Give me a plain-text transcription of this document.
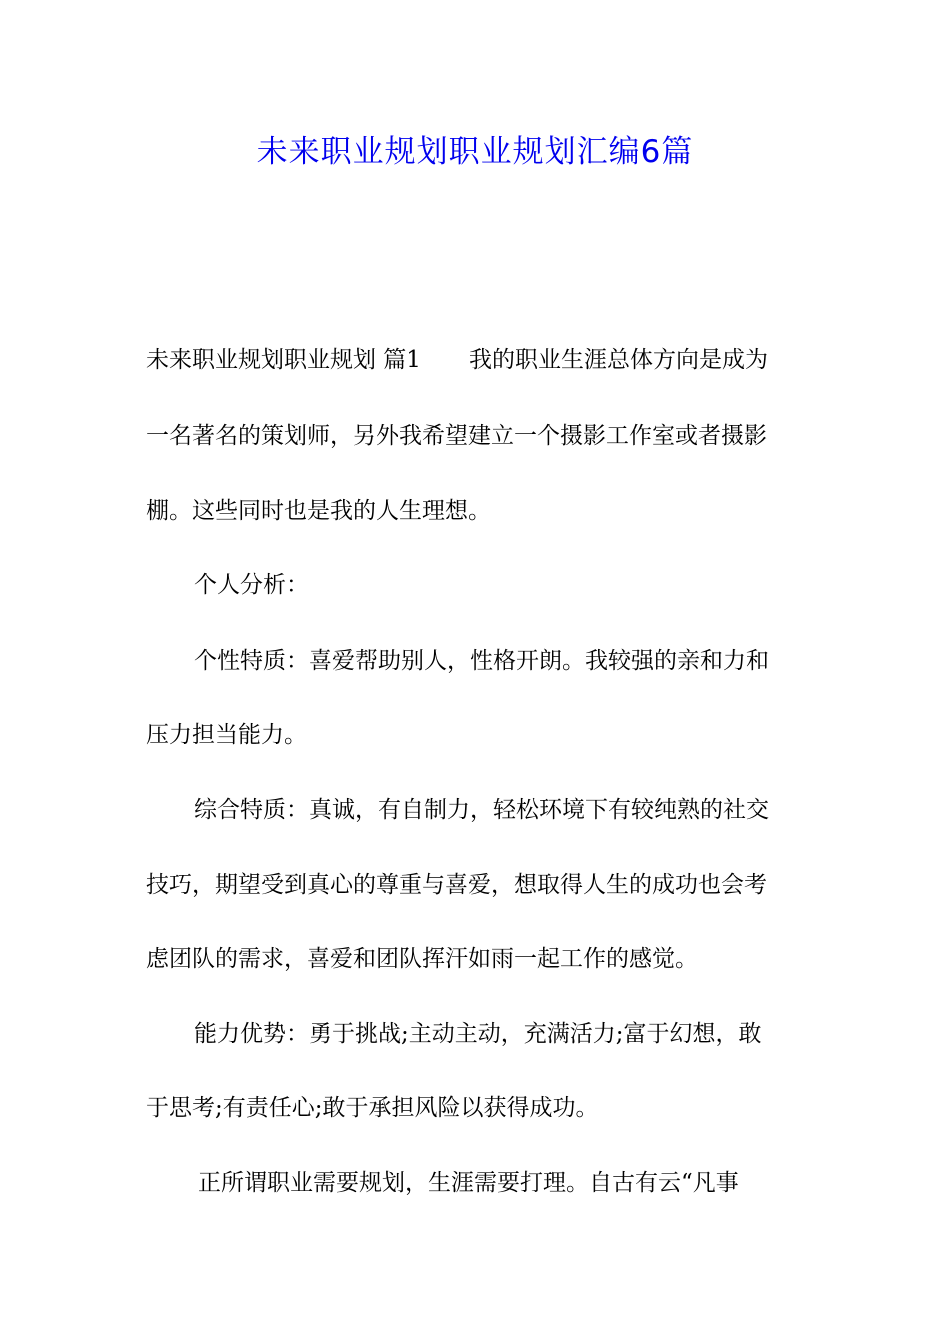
未来职业规划职业规划汇编6篇
未来职业规划职业规划 篇1 我的职业生涯总体方向是成为
一名著名的策划师，另外我希望建立一个摄影工作室或者摄影
棚。这些同时也是我的人生理想。
个人分析：
个性特质：喜爱帮助别人，性格开朗。我较强的亲和力和
压力担当能力。
综合特质：真诚，有自制力，轻松环境下有较纯熟的社交
技巧，期望受到真心的尊重与喜爱，想取得人生的成功也会考
虑团队的需求，喜爱和团队挥汗如雨一起工作的感觉。
能力优势：勇于挑战;主动主动，充满活力;富于幻想，敢
于思考;有责任心;敢于承担风险以获得成功。
正所谓职业需要规划，生涯需要打理。自古有云“凡事
